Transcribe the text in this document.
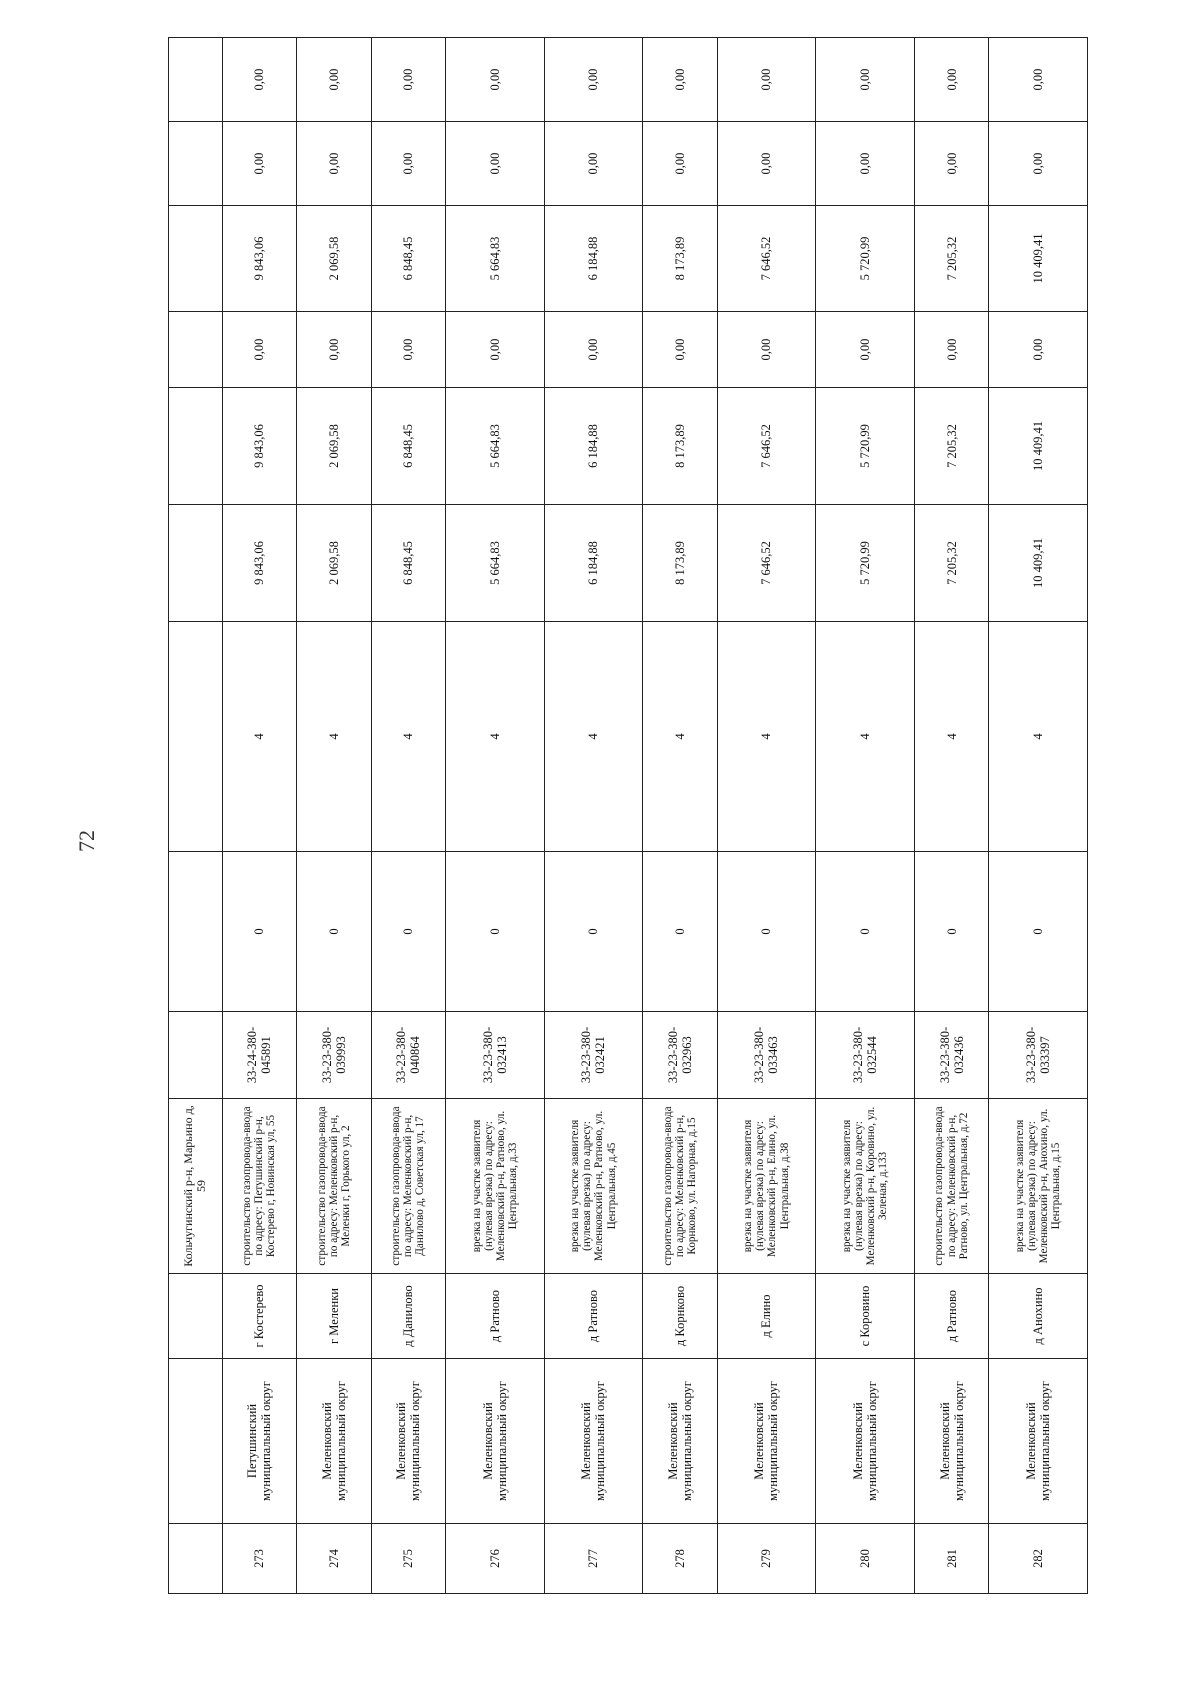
72
			Кольчугинский р-н, Марьино д, 59									
273	Петушинский муниципальный округ	г Костерево	строительство газопровода-ввода по адресу: Петушинский р-н, Костерево г, Новинская ул, 55	33-24-380-045891	0	4	9 843,06	9 843,06	0,00	9 843,06	0,00	0,00
274	Меленковский муниципальный округ	г Меленки	строительство газопровода-ввода по адресу: Меленковский р-н, Меленки г, Горького ул, 2	33-23-380-039993	0	4	2 069,58	2 069,58	0,00	2 069,58	0,00	0,00
275	Меленковский муниципальный округ	д Данилово	строительство газопровода-ввода по адресу: Меленковский р-н, Данилово д, Советская ул, 17	33-23-380-040864	0	4	6 848,45	6 848,45	0,00	6 848,45	0,00	0,00
276	Меленковский муниципальный округ	д Ратново	врезка на участке заявителя (нулевая врезка) по адресу: Меленковский р-н, Ратново, ул. Центральная, д.33	33-23-380-032413	0	4	5 664,83	5 664,83	0,00	5 664,83	0,00	0,00
277	Меленковский муниципальный округ	д Ратново	врезка на участке заявителя (нулевая врезка) по адресу: Меленковский р-н, Ратново, ул. Центральная, д.45	33-23-380-032421	0	4	6 184,88	6 184,88	0,00	6 184,88	0,00	0,00
278	Меленковский муниципальный округ	д Корнково	строительство газопровода-ввода по адресу: Меленковский р-н, Корнково, ул. Нагорная, д.15	33-23-380-032963	0	4	8 173,89	8 173,89	0,00	8 173,89	0,00	0,00
279	Меленковский муниципальный округ	д Елино	врезка на участке заявителя (нулевая врезка) по адресу: Меленковский р-н, Елино, ул. Центральная, д.38	33-23-380-033463	0	4	7 646,52	7 646,52	0,00	7 646,52	0,00	0,00
280	Меленковский муниципальный округ	с Коровино	врезка на участке заявителя (нулевая врезка) по адресу: Меленковский р-н, Коровино, ул. Зеленая, д.133	33-23-380-032544	0	4	5 720,99	5 720,99	0,00	5 720,99	0,00	0,00
281	Меленковский муниципальный округ	д Ратново	строительство газопровода-ввода по адресу: Меленковский р-н, Ратново, ул. Центральная, д.72	33-23-380-032436	0	4	7 205,32	7 205,32	0,00	7 205,32	0,00	0,00
282	Меленковский муниципальный округ	д Анохино	врезка на участке заявителя (нулевая врезка) по адресу: Меленковский р-н, Анохино, ул. Центральная, д.15	33-23-380-033397	0	4	10 409,41	10 409,41	0,00	10 409,41	0,00	0,00
